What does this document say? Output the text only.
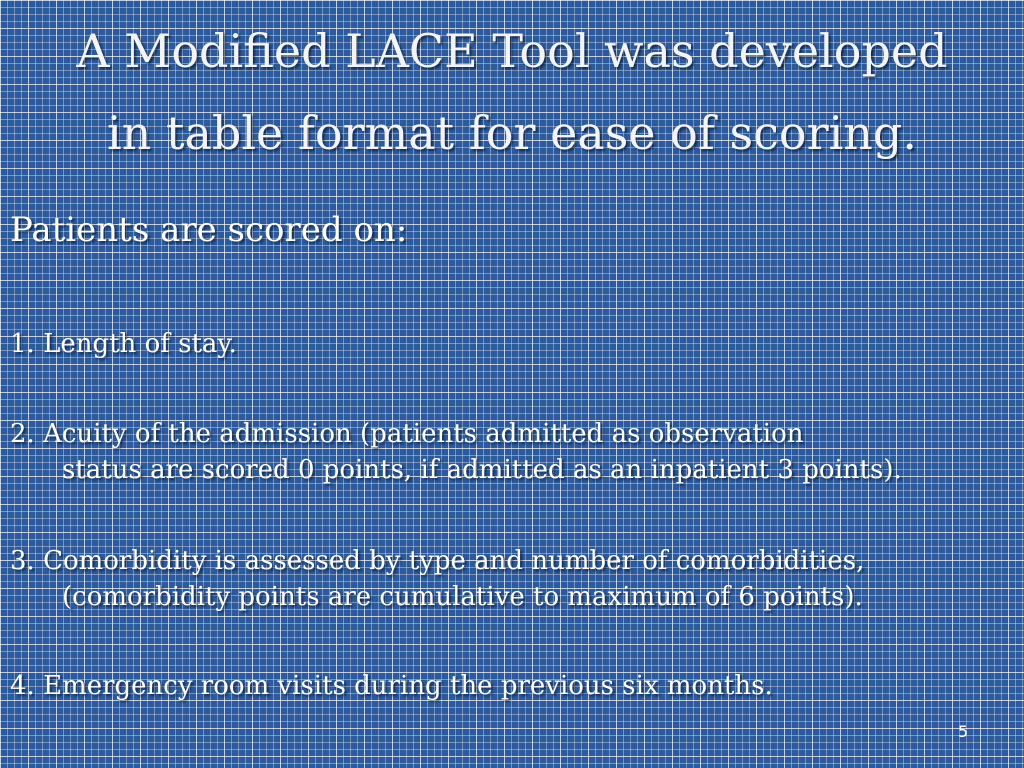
A Modified LACE Tool was developed
in table format for ease of scoring.
Patients are scored on:
1. Length of stay.
2. Acuity of the admission (patients admitted as observation
status are scored 0 points, if admitted as an inpatient 3 points).
3. Comorbidity is assessed by type and number of comorbidities,
(comorbidity points are cumulative to maximum of 6 points).
4. Emergency room visits during the previous six months.
5
